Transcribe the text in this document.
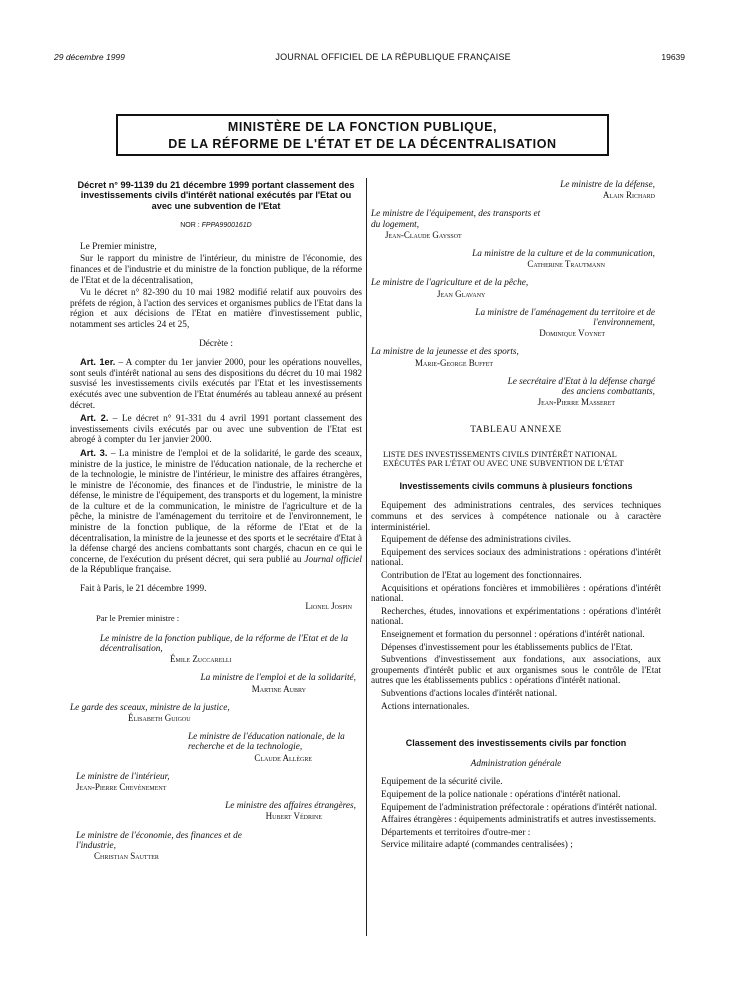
29 décembre 1999	JOURNAL OFFICIEL DE LA RÉPUBLIQUE FRANÇAISE	19639
MINISTÈRE DE LA FONCTION PUBLIQUE,
DE LA RÉFORME DE L'ÉTAT ET DE LA DÉCENTRALISATION
Décret n° 99-1139 du 21 décembre 1999 portant classement des investissements civils d'intérêt national exécutés par l'Etat ou avec une subvention de l'Etat
NOR : FPPA9900161D

Le Premier ministre,

Sur le rapport du ministre de l'intérieur, du ministre de l'économie, des finances et de l'industrie et du ministre de la fonction publique, de la réforme de l'Etat et de la décentralisation,

Vu le décret n° 82-390 du 10 mai 1982 modifié relatif aux pouvoirs des préfets de région, à l'action des services et organismes publics de l'Etat dans la région et aux décisions de l'Etat en matière d'investissement public, notamment ses articles 24 et 25,

Décrète :

Art. 1er. – A compter du 1er janvier 2000, pour les opérations nouvelles, sont seuls d'intérêt national au sens des dispositions du décret du 10 mai 1982 susvisé les investissements civils exécutés par l'Etat et les investissements exécutés avec une subvention de l'Etat énumérés au tableau annexé au présent décret.

Art. 2. – Le décret n° 91-331 du 4 avril 1991 portant classement des investissements civils exécutés par ou avec une subvention de l'Etat est abrogé à compter du 1er janvier 2000.

Art. 3. – La ministre de l'emploi et de la solidarité, le garde des sceaux, ministre de la justice, le ministre de l'éducation nationale, de la recherche et de la technologie, le ministre de l'intérieur, le ministre des affaires étrangères, le ministre de l'économie, des finances et de l'industrie, le ministre de la défense, le ministre de l'équipement, des transports et du logement, la ministre de la culture et de la communication, le ministre de l'agriculture et de la pêche, la ministre de l'aménagement du territoire et de l'environnement, le ministre de la fonction publique, de la réforme de l'Etat et de la décentralisation, la ministre de la jeunesse et des sports et le secrétaire d'Etat à la défense chargé des anciens combattants sont chargés, chacun en ce qui le concerne, de l'exécution du présent décret, qui sera publié au Journal officiel de la République française.

Fait à Paris, le 21 décembre 1999.

Lionel Jospin
Par le Premier ministre :
Le ministre de la fonction publique, de la réforme de l'Etat et de la décentralisation,
Émile Zuccarelli
La ministre de l'emploi et de la solidarité,
Martine Aubry
Le garde des sceaux, ministre de la justice,
Élisabeth Guigou
Le ministre de l'éducation nationale, de la recherche et de la technologie,
Claude Allègre
Le ministre de l'intérieur,
Jean-Pierre Chevènement
Le ministre des affaires étrangères,
Hubert Védrine
Le ministre de l'économie, des finances et de l'industrie,
Christian Sautter
Le ministre de la défense,
Alain Richard
Le ministre de l'équipement, des transports et du logement,
Jean-Claude Gayssot
La ministre de la culture et de la communication,
Catherine Trautmann
Le ministre de l'agriculture et de la pêche,
Jean Glavany
La ministre de l'aménagement du territoire et de l'environnement,
Dominique Voynet
La ministre de la jeunesse et des sports,
Marie-George Buffet
Le secrétaire d'Etat à la défense chargé des anciens combattants,
Jean-Pierre Masseret
TABLEAU ANNEXE
LISTE DES INVESTISSEMENTS CIVILS D'INTÉRÊT NATIONAL EXÉCUTÉS PAR L'ÉTAT OU AVEC UNE SUBVENTION DE L'ÉTAT
Investissements civils communs à plusieurs fonctions

Equipement des administrations centrales, des services techniques communs et des services à compétence nationale ou à caractère interministériel.

Equipement de défense des administrations civiles.

Equipement des services sociaux des administrations : opérations d'intérêt national.

Contribution de l'Etat au logement des fonctionnaires.

Acquisitions et opérations foncières et immobilières : opérations d'intérêt national.

Recherches, études, innovations et expérimentations : opérations d'intérêt national.

Enseignement et formation du personnel : opérations d'intérêt national.

Dépenses d'investissement pour les établissements publics de l'Etat.

Subventions d'investissement aux fondations, aux associations, aux groupements d'intérêt public et aux organismes sous le contrôle de l'Etat autres que les établissements publics : opérations d'intérêt national.

Subventions d'actions locales d'intérêt national.

Actions internationales.

Classement des investissements civils par fonction
Administration générale

Equipement de la sécurité civile.

Equipement de la police nationale : opérations d'intérêt national.

Equipement de l'administration préfectorale : opérations d'intérêt national.

Affaires étrangères : équipements administratifs et autres investissements.

Départements et territoires d'outre-mer :

Service militaire adapté (commandes centralisées) ;
